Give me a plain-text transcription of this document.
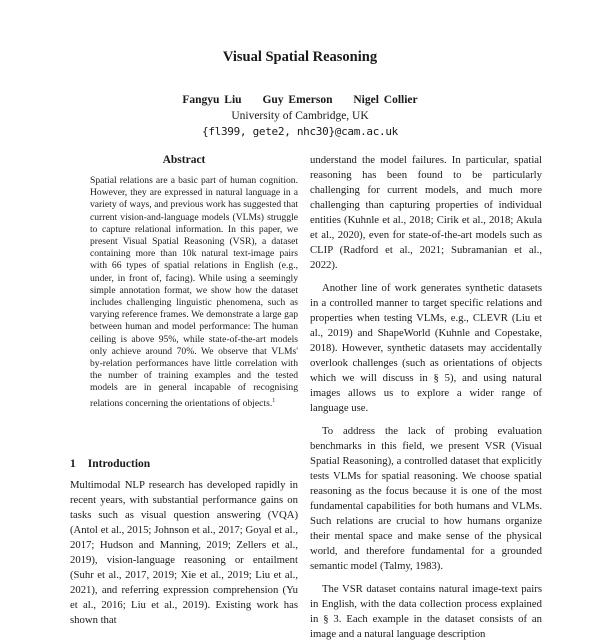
Visual Spatial Reasoning
Fangyu Liu Guy Emerson Nigel Collier
University of Cambridge, UK
{fl399, gete2, nhc30}@cam.ac.uk
Abstract
Spatial relations are a basic part of human cognition. However, they are expressed in natural language in a variety of ways, and previous work has suggested that current vision-and-language models (VLMs) struggle to capture relational information. In this paper, we present Visual Spatial Reasoning (VSR), a dataset containing more than 10k natural text-image pairs with 66 types of spatial relations in English (e.g., under, in front of, facing). While using a seemingly simple annotation format, we show how the dataset includes challenging linguistic phenomena, such as varying reference frames. We demonstrate a large gap between human and model performance: The human ceiling is above 95%, while state-of-the-art models only achieve around 70%. We observe that VLMs' by-relation performances have little correlation with the number of training examples and the tested models are in general incapable of recognising relations concerning the orientations of objects.$^1$
1 Introduction

Multimodal NLP research has developed rapidly in recent years, with substantial performance gains on tasks such as visual question answering (VQA) (Antol et al., 2015; Johnson et al., 2017; Goyal et al., 2017; Hudson and Manning, 2019; Zellers et al., 2019), vision-language reasoning or entailment (Suhr et al., 2017, 2019; Xie et al., 2019; Liu et al., 2021), and referring expression comprehension (Yu et al., 2016; Liu et al., 2019). Existing work has shown that

understand the model failures. In particular, spatial reasoning has been found to be particularly challenging for current models, and much more challenging than capturing properties of individual entities (Kuhnle et al., 2018; Cirik et al., 2018; Akula et al., 2020), even for state-of-the-art models such as CLIP (Radford et al., 2021; Subramanian et al., 2022).

Another line of work generates synthetic datasets in a controlled manner to target specific relations and properties when testing VLMs, e.g., CLEVR (Liu et al., 2019) and ShapeWorld (Kuhnle and Copestake, 2018). However, synthetic datasets may accidentally overlook challenges (such as orientations of objects which we will discuss in § 5), and using natural images allows us to explore a wider range of language use.

To address the lack of probing evaluation benchmarks in this field, we present VSR (Visual Spatial Reasoning), a controlled dataset that explicitly tests VLMs for spatial reasoning. We choose spatial reasoning as the focus because it is one of the most fundamental capabilities for both humans and VLMs. Such relations are crucial to how humans organize their mental space and make sense of the physical world, and therefore fundamental for a grounded semantic model (Talmy, 1983).

The VSR dataset contains natural image-text pairs in English, with the data collection process explained in § 3. Each example in the dataset consists of an image and a natural language description
